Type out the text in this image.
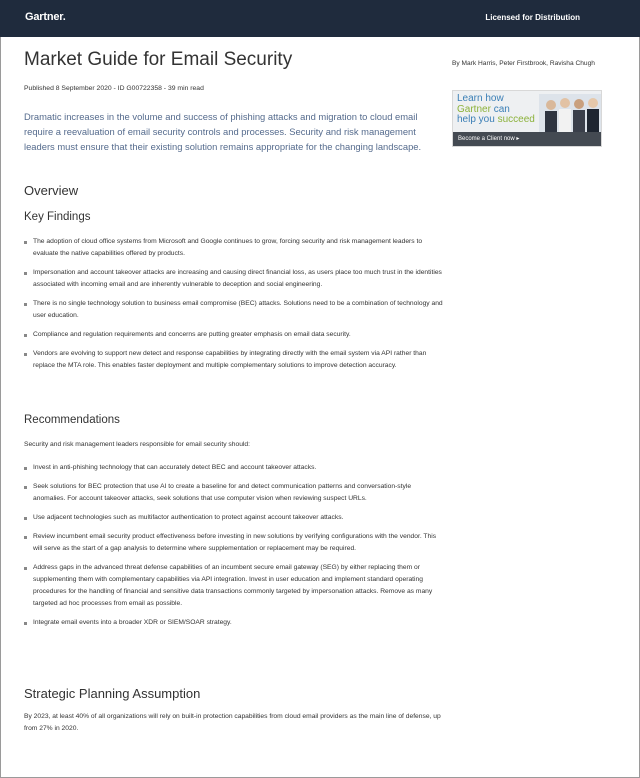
Gartner.	Licensed for Distribution
Market Guide for Email Security	By Mark Harris, Peter Firstbrook, Ravisha Chugh
Published 8 September 2020 - ID G00722358 - 39 min read

Dramatic increases in the volume and success of phishing attacks and migration to cloud email require a reevaluation of email security controls and processes. Security and risk management leaders must ensure that their existing solution remains appropriate for the changing landscape.

Learn how
Gartner can
help you succeed
Become a Client now ▸
Overview
Key Findings
The adoption of cloud office systems from Microsoft and Google continues to grow, forcing security and risk management leaders to evaluate the native capabilities offered by products.
Impersonation and account takeover attacks are increasing and causing direct financial loss, as users place too much trust in the identities associated with incoming email and are inherently vulnerable to deception and social engineering.
There is no single technology solution to business email compromise (BEC) attacks. Solutions need to be a combination of technology and user education.
Compliance and regulation requirements and concerns are putting greater emphasis on email data security.
Vendors are evolving to support new detect and response capabilities by integrating directly with the email system via API rather than replace the MTA role. This enables faster deployment and multiple complementary solutions to improve detection accuracy.
Recommendations

Security and risk management leaders responsible for email security should:

Invest in anti-phishing technology that can accurately detect BEC and account takeover attacks.
Seek solutions for BEC protection that use AI to create a baseline for and detect communication patterns and conversation-style anomalies. For account takeover attacks, seek solutions that use computer vision when reviewing suspect URLs.
Use adjacent technologies such as multifactor authentication to protect against account takeover attacks.
Review incumbent email security product effectiveness before investing in new solutions by verifying configurations with the vendor. This will serve as the start of a gap analysis to determine where supplementation or replacement may be required.
Address gaps in the advanced threat defense capabilities of an incumbent secure email gateway (SEG) by either replacing them or supplementing them with complementary capabilities via API integration. Invest in user education and implement standard operating procedures for the handling of financial and sensitive data transactions commonly targeted by impersonation attacks. Remove as many targeted ad hoc processes from email as possible.
Integrate email events into a broader XDR or SIEM/SOAR strategy.
Strategic Planning Assumption

By 2023, at least 40% of all organizations will rely on built-in protection capabilities from cloud email providers as the main line of defense, up from 27% in 2020.
